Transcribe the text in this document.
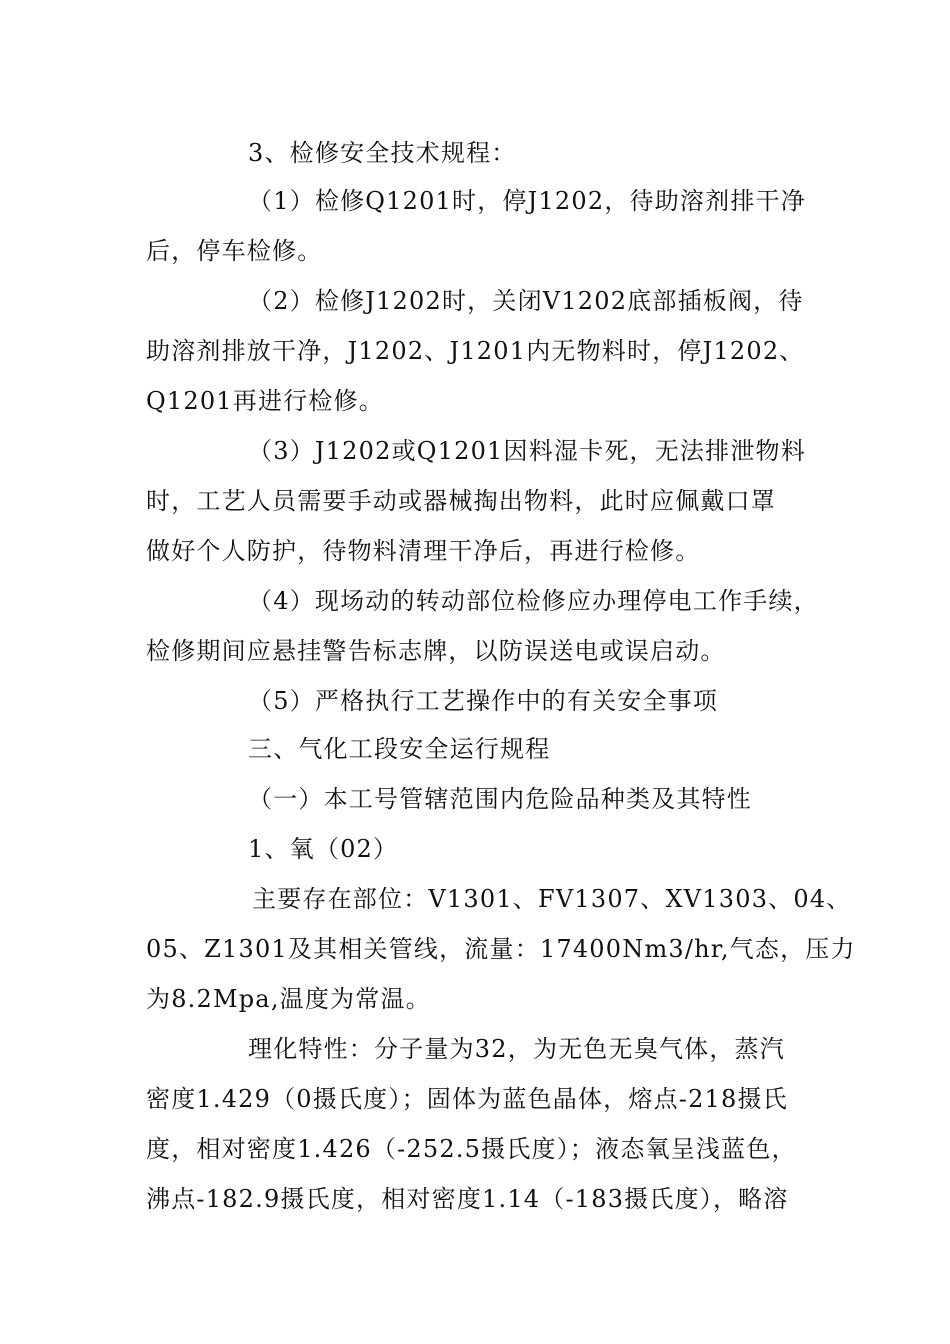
3、检修安全技术规程：
（1）检修Q1201时，停J1202，待助溶剂排干净
后，停车检修。
（2）检修J1202时，关闭V1202底部插板阀，待
助溶剂排放干净，J1202、J1201内无物料时，停J1202、
Q1201再进行检修。
（3）J1202或Q1201因料湿卡死，无法排泄物料
时，工艺人员需要手动或器械掏出物料，此时应佩戴口罩
做好个人防护，待物料清理干净后，再进行检修。
（4）现场动的转动部位检修应办理停电工作手续，
检修期间应悬挂警告标志牌，以防误送电或误启动。
（5）严格执行工艺操作中的有关安全事项
三、气化工段安全运行规程
（一）本工号管辖范围内危险品种类及其特性
1、氧（02）
主要存在部位：V1301、FV1307、XV1303、04、
05、Z1301及其相关管线，流量：17400Nm3/hr,气态，压力
为8.2Mpa,温度为常温。
理化特性：分子量为32，为无色无臭气体，蒸汽
密度1.429（0摄氏度）；固体为蓝色晶体，熔点-218摄氏
度，相对密度1.426（-252.5摄氏度）；液态氧呈浅蓝色，
沸点-182.9摄氏度，相对密度1.14（-183摄氏度），略溶
